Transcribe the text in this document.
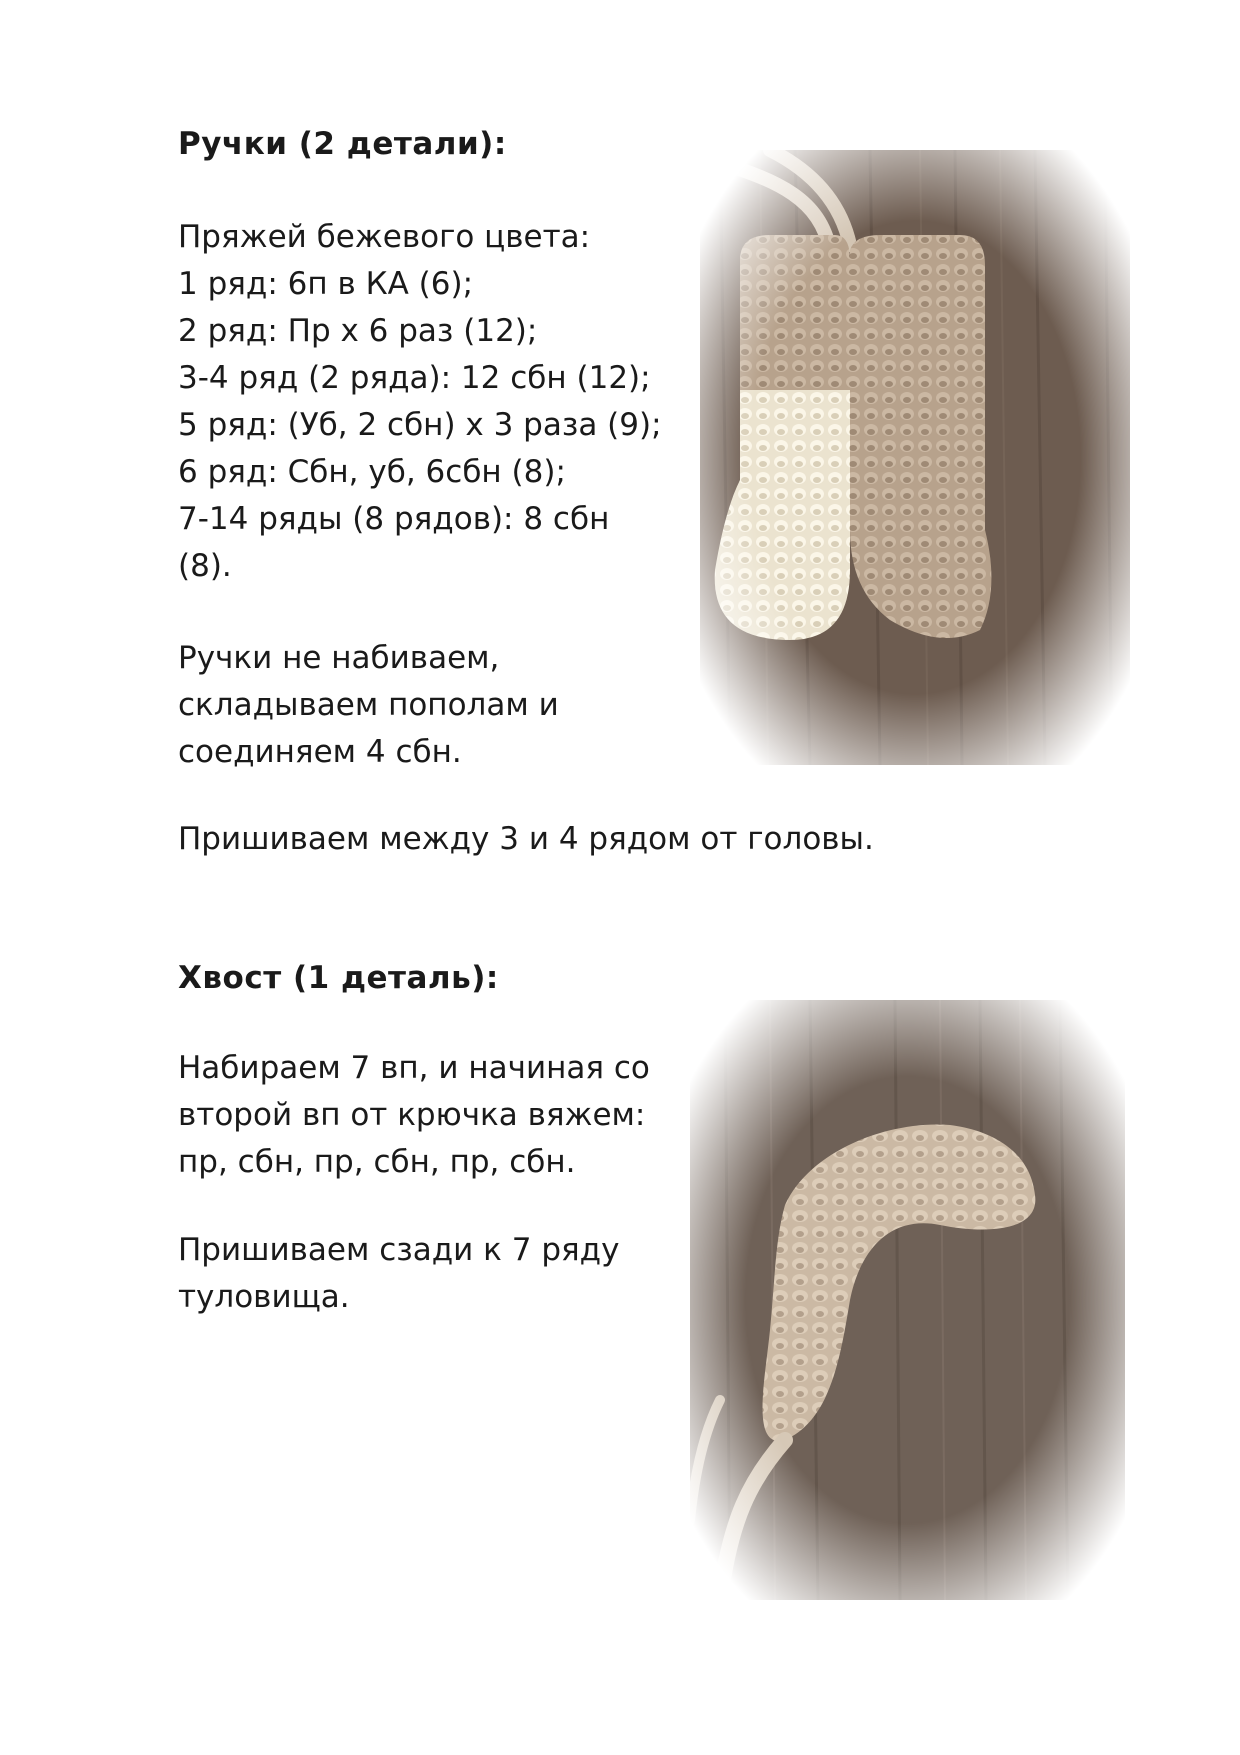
Ручки (2 детали):
Пряжей бежевого цвета:
1 ряд: 6п в КА (6);
2 ряд: Пр х 6 раз (12);
3-4 ряд (2 ряда): 12 сбн (12);
5 ряд: (Уб, 2 сбн) х 3 раза (9);
6 ряд: Сбн, уб, 6сбн (8);
7-14 ряды (8 рядов): 8 сбн
(8).
Ручки не набиваем,
складываем пополам и
соединяем 4 сбн.
Пришиваем между 3 и 4 рядом от головы.
Хвост (1 деталь):
Набираем 7 вп, и начиная со
второй вп от крючка вяжем:
пр, сбн, пр, сбн, пр, сбн.
Пришиваем сзади к 7 ряду
туловища.
